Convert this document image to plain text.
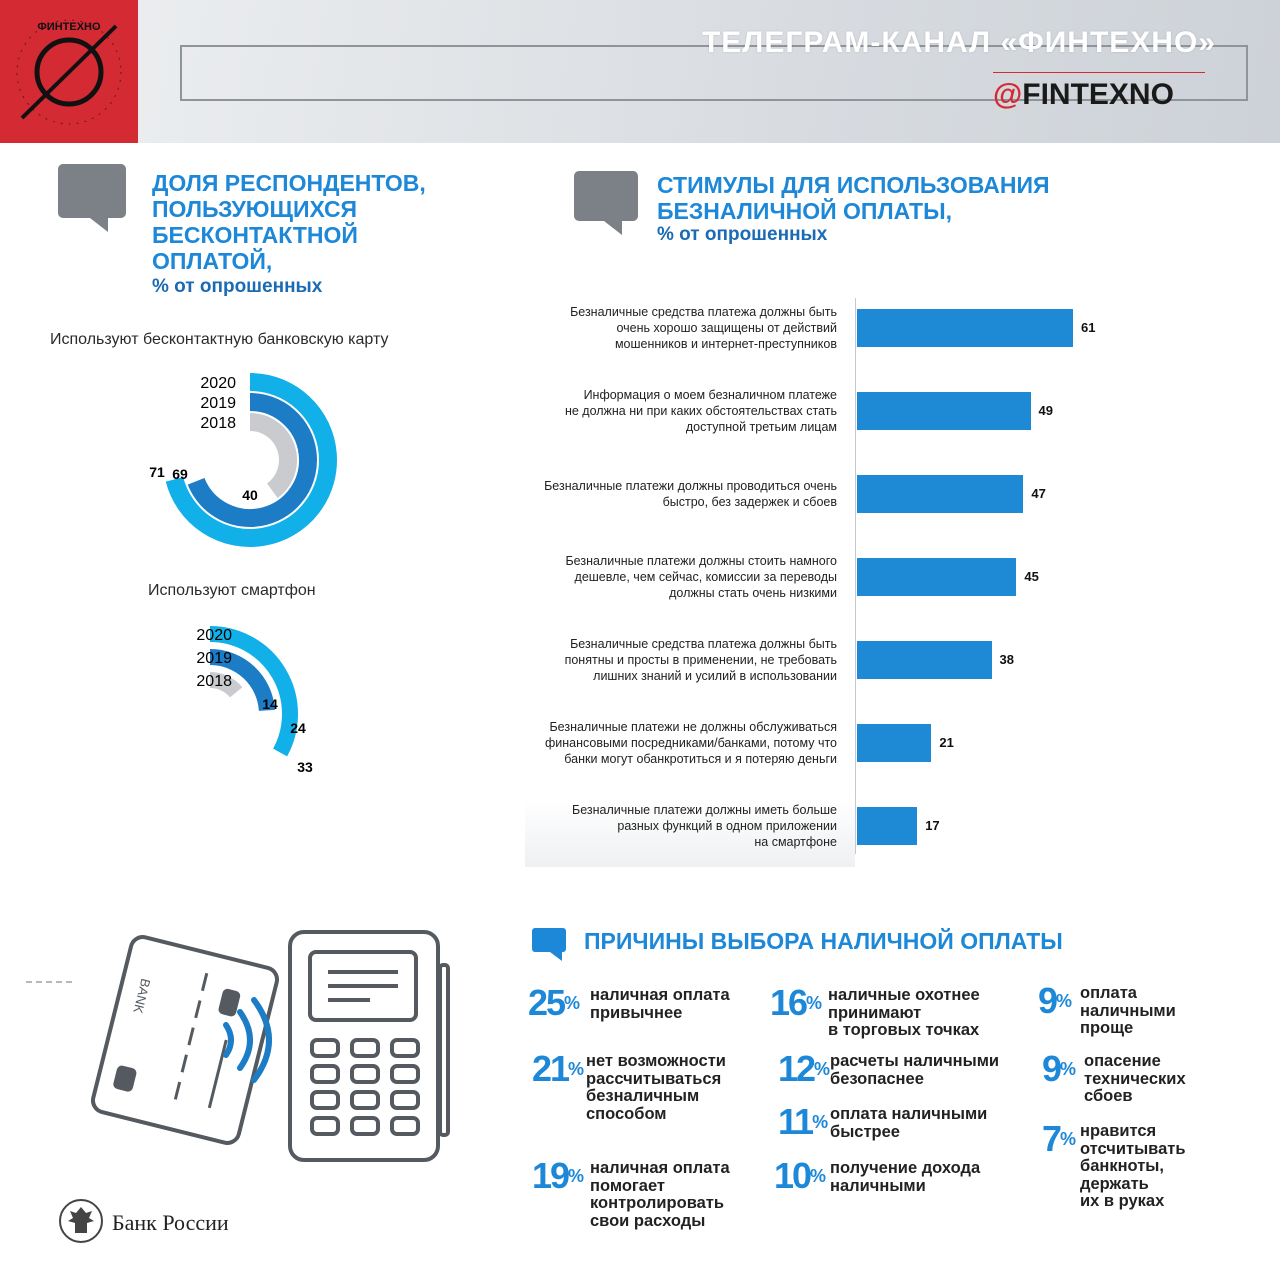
ФИНТЕХНО	ТЕЛЕГРАМ-КАНАЛ «ФИНТЕХНО»
@FINTEXNO
ДОЛЯ РЕСПОНДЕНТОВ,
ПОЛЬЗУЮЩИХСЯ
БЕСКОНТАКТНОЙ
ОПЛАТОЙ,
% от опрошенных
Используют бесконтактную банковскую карту
2020
71
2019
69
2018
40
Используют смартфон
2020
33
2019
24
2018
14
СТИМУЛЫ ДЛЯ ИСПОЛЬЗОВАНИЯ
БЕЗНАЛИЧНОЙ ОПЛАТЫ,
% от опрошенных
61
Безналичные средства платежа должны быть
очень хорошо защищены от действий
мошенников и интернет-преступников
49
Информация о моем безналичном платеже
не должна ни при каких обстоятельствах стать
доступной третьим лицам
47
Безналичные платежи должны проводиться очень
быстро, без задержек и сбоев
45
Безналичные платежи должны стоить намного
дешевле, чем сейчас, комиссии за переводы
должны стать очень низкими
38
Безналичные средства платежа должны быть
понятны и просты в применении, не требовать
лишних знаний и усилий в использовании
21
Безналичные платежи не должны обслуживаться
финансовыми посредниками/банками, потому что
банки могут обанкротиться и я потеряю деньги
17
Безналичные платежи должны иметь больше
разных функций в одном приложении
на смартфоне
ПРИЧИНЫ ВЫБОРА НАЛИЧНОЙ ОПЛАТЫ
25% наличная оплата
привычнее
21% нет возможности
рассчитываться
безналичным
способом
19% наличная оплата
помогает
контролировать
свои расходы
16% наличные охотнее
принимают
в торговых точках
12% расчеты наличными
безопаснее
11% оплата наличными
быстрее
10% получение дохода
наличными
9% оплата
наличными
проще
9% опасение
технических
сбоев
7% нравится
отсчитывать
банкноты,
держать
их в руках
BANK
Банк России
